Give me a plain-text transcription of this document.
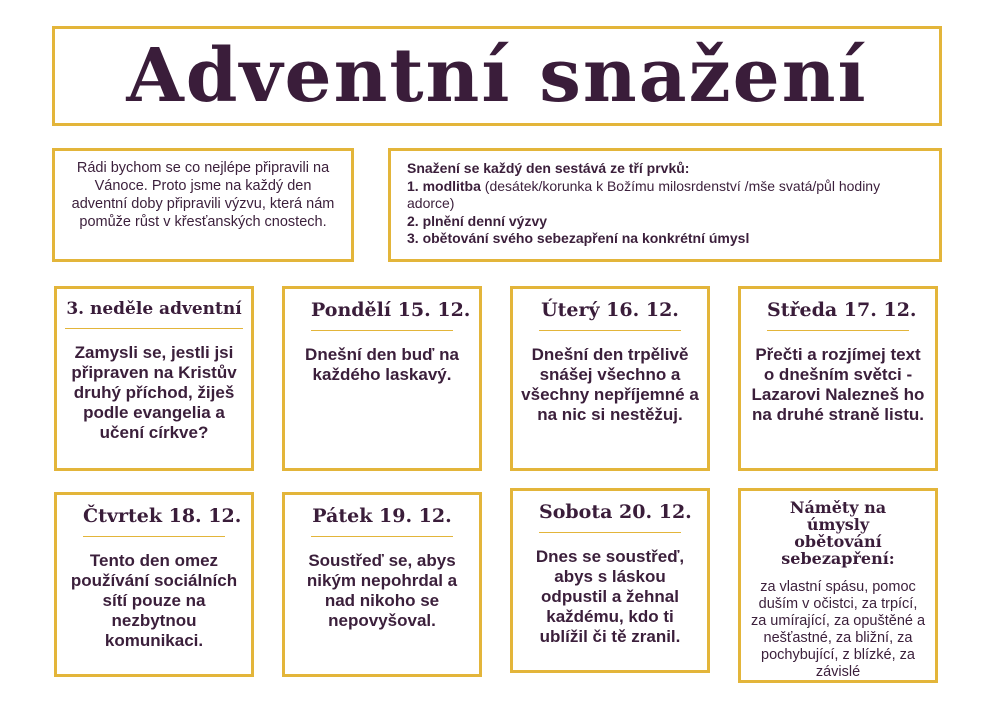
Adventní snažení
Rádi bychom se co nejlépe připravili na Vánoce. Proto jsme na každý den adventní doby připravili výzvu, která nám pomůže růst v křesťanských cnostech.
Snažení se každý den sestává ze tří prvků:
1. modlitba (desátek/korunka k Božímu milosrdenství /mše svatá/půl hodiny adorce)
2. plnění denní výzvy
3. obětování svého sebezapření na konkrétní úmysl
3. neděle adventní
Zamysli se, jestli jsi připraven na Kristův druhý příchod, žiješ podle evangelia a učení církve?
Pondělí 15. 12.
Dnešní den buď na každého laskavý.
Úterý 16. 12.
Dnešní den trpělivě snášej všechno a všechny nepříjemné a na nic si nestěžuj.
Středa 17. 12.
Přečti a rozjímej text o dnešním světci - Lazarovi Nalezneš ho na druhé straně listu.
Čtvrtek 18. 12.
Tento den omez používání sociálních sítí pouze na nezbytnou komunikaci.
Pátek 19. 12.
Soustřeď se, abys nikým nepohrdal a nad nikoho se nepovyšoval.
Sobota 20. 12.
Dnes se soustřeď, abys s láskou odpustil a žehnal každému, kdo ti ublížil či tě zranil.
Náměty na úmysly obětování sebezapření:
za vlastní spásu, pomoc duším v očistci, za trpící, za umírající, za opuštěné a nešťastné, za bližní, za pochybující, z blízké, za závislé
